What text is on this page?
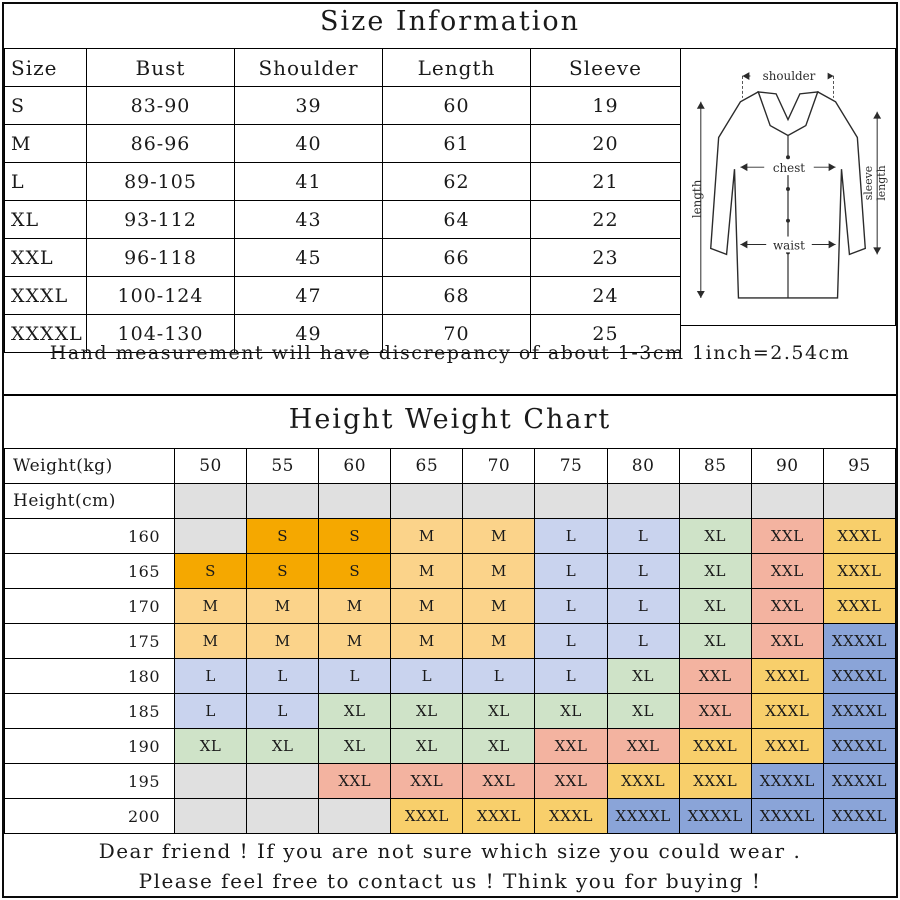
Size Information
Size	Bust	Shoulder	Length	Sleeve
S	83-90	39	60	19
M	86-96	40	61	20
L	89-105	41	62	21
XL	93-112	43	64	22
XXL	96-118	45	66	23
XXXL	100-124	47	68	24
XXXXL	104-130	49	70	25
shoulder
chest
waist
length	sleeve length
Hand measurement will have discrepancy of about 1-3cm 1inch=2.54cm
Height Weight Chart
Weight(kg)	50	55	60	65	70	75	80	85	90	95
Height(cm)										
160		S	S	M	M	L	L	XL	XXL	XXXL
165	S	S	S	M	M	L	L	XL	XXL	XXXL
170	M	M	M	M	M	L	L	XL	XXL	XXXL
175	M	M	M	M	M	L	L	XL	XXL	XXXXL
180	L	L	L	L	L	L	XL	XXL	XXXL	XXXXL
185	L	L	XL	XL	XL	XL	XL	XXL	XXXL	XXXXL
190	XL	XL	XL	XL	XL	XXL	XXL	XXXL	XXXL	XXXXL
195			XXL	XXL	XXL	XXL	XXXL	XXXL	XXXXL	XXXXL
200				XXXL	XXXL	XXXL	XXXXL	XXXXL	XXXXL	XXXXL
Dear friend ! If you are not sure which size you could wear .
Please feel free to contact us ! Think you for buying !
